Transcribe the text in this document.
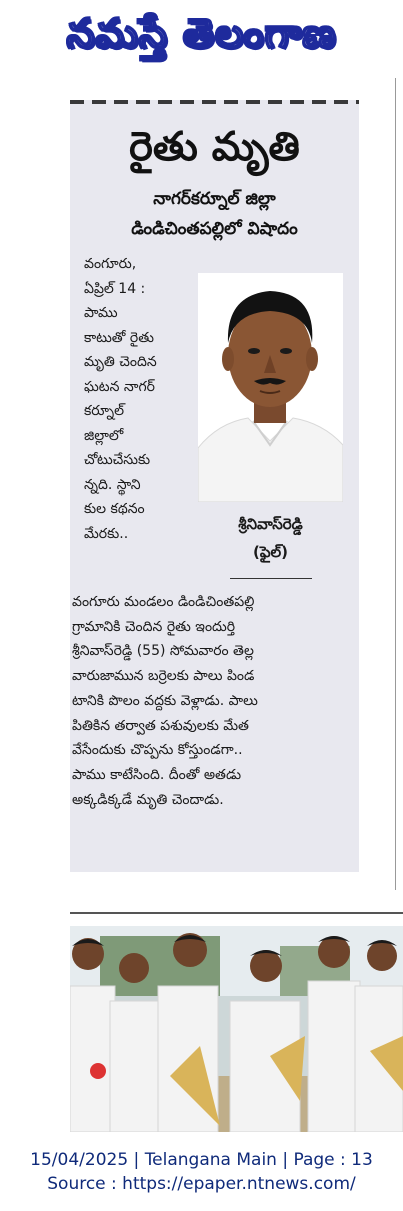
నమస్తే తెలంగాణ
రైతు మృతి
నాగర్‌కర్నూల్ జిల్లా
డిండిచింతపల్లిలో విషాదం
వంగూరు,
ఏప్రిల్ 14 :
పాము
కాటుతో రైతు
మృతి చెందిన
ఘటన నాగర్
కర్నూల్
జిల్లాలో
చోటుచేసుకు
న్నది. స్థాని
కుల కథనం
మేరకు..
శ్రీనివాస్‌రెడ్డి
(ఫైల్)
వంగూరు మండలం డిండిచింతపల్లి
గ్రామానికి చెందిన రైతు ఇందుర్తి
శ్రీనివాస్‌రెడ్డి (55) సోమవారం తెల్ల
వారుజామున బర్రెలకు పాలు పిండ
టానికి పొలం వద్దకు వెళ్లాడు. పాలు
పితికిన తర్వాత పశువులకు మేత
వేసేందుకు చొప్పను కోస్తుండగా..
పాము కాటేసింది. దీంతో అతడు
అక్కడిక్కడే మృతి చెందాడు.
15/04/2025 | Telangana Main | Page : 13
Source : https://epaper.ntnews.com/
